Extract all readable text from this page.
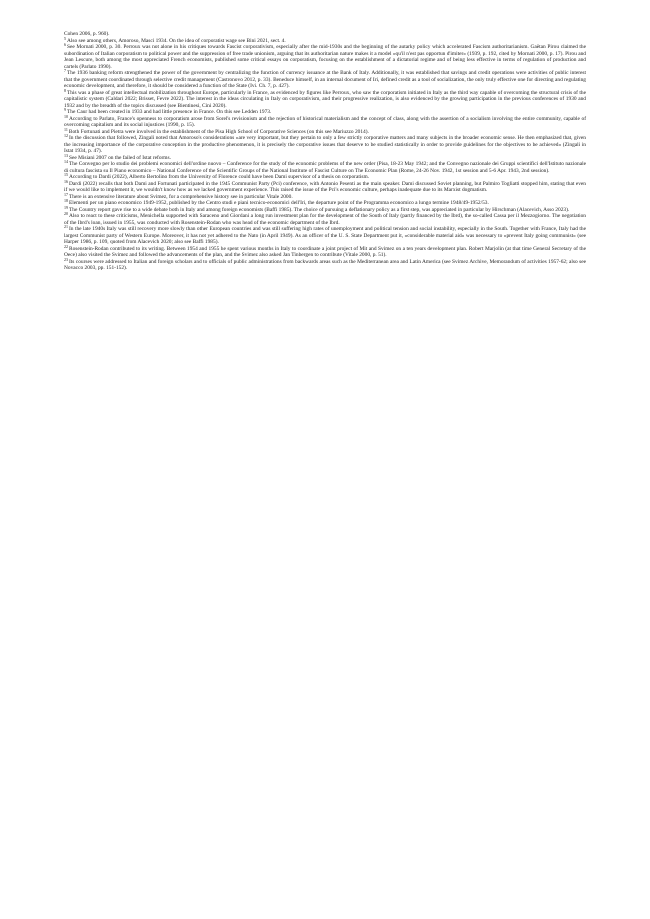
Cohen 2006, p. 960).

$^5$Also see among others, Amoroso, Masci 1934. On the idea of corporatist wage see Bini 2021, sect. 4.

$^6$See Mornati 2000, p. 30. Perroux was not alone in his critiques towards Fascist corporativism, especially after the mid-1930s and the beginning of the autarky policy which accelerated Fascism authoritarianism. Gaëtan Pirou claimed the subordination of Italian corporatism to political power and the suppression of free trade unionism, arguing that its authoritarian nature makes it a model «qu'il n'est pas opportun d'imiter» (1939, p. 192, cited by Mornati 2000, p. 17). Pirou and Jean Lescure, both among the most appreciated French economists, published some critical essays on corporatism, focusing on the establishment of a dictatorial regime and of being less effective in terms of regulation of production and cartels (Parlato 1990).

$^7$The 1936 banking reform strengthened the power of the government by centralizing the function of currency issuance at the Bank of Italy. Additionally, it was established that savings and credit operations were activities of public interest that the government coordinated through selective credit management (Castronovo 2012, p. 33). Beneduce himself, in an internal document of Iri, defined credit as a tool of socialization, the only truly effective one for directing and regulating economic development, and therefore, it should be considered a function of the State (Ivi. Ch. 7, p. 427).

$^8$This was a phase of great intellectual mobilization throughout Europe, particularly in France, as evidenced by figures like Perroux, who saw the corporatism initiated in Italy as the third way capable of overcoming the structural crisis of the capitalistic system (Caldari 2022; Brisset, Fevre 2022). The interest in the ideas circulating in Italy on corporativism, and their progressive realization, is also evidenced by the growing participation in the previous conferences of 1930 and 1932 and by the breadth of the topics discussed (see Bientinesi, Cini 2020).

$^9$The Caur had been created in 1933 and had little presence in France. On this see Ledden 1973.

$^{10}$According to Parlato, France's openness to corporatism arose from Sorel's revisionism and the rejection of historical materialism and the concept of class, along with the assertion of a socialism involving the entire community, capable of overcoming capitalism and its social injustices (1990, p. 15).

$^{11}$Both Fortunati and Pietra were involved in the establishment of the Pisa High School of Corporative Sciences (on this see Mariuzzo 2014).

$^{12}$In the discussion that followed, Zingali noted that Amoroso's considerations «are very important, but they pertain to only a few strictly corporative matters and many subjects in the broader economic sense. He then emphasized that, given the increasing importance of the corporative conception in the productive phenomenon, it is precisely the corporative issues that deserve to be studied statistically in order to provide guidelines for the objectives to be achieved» (Zingali in Istat 1934, p. 47).

$^{13}$See Misiani 2007 on the failed of Istat reforms.

$^{14}$The Convegno per lo studio dei problemi economici dell'ordine nuovo – Conference for the study of the economic problems of the new order (Pisa, 18-23 May 1942; and the Convegno nazionale dei Gruppi scientifici dell'Istituto nazionale di cultura fascista su Il Piano economico – National Conference of the Scientific Groups of the National Institute of Fascist Culture on The Economic Plan (Rome, 24-26 Nov. 1942, 1st session and 5-6 Apr. 1943, 2nd session).

$^{15}$According to Dardi (2022), Alberto Bertolino from the University of Florence could have been Dami supervisor of a thesis on corporatism.

$^{16}$Dardi (2022) recalls that both Dami and Fortunati participated in the 1945 Communist Party (Pci) conference, with Antonio Pesenti as the main speaker. Dami discussed Soviet planning, but Palmiro Togliatti stopped him, stating that even if we would like to implement it, we wouldn't know how as we lacked government experience. This raised the issue of the Pci's economic culture, perhaps inadequate due to its Marxist dogmatism.

$^{17}$There is an extensive literature about Svimez, for a comprehensive history see in particular Vitale 2000.

$^{18}$Elementi per un piano economico 1949-1952, published by the Centro studi e piani tecnico-economici dell'Iri, the departure point of the Programma economico a lungo termine 1948/49-1952/53.

$^{19}$The Country report gave rise to a wide debate both in Italy and among foreign economists (Baffi 1985). The choice of pursuing a deflationary policy as a first step, was appreciated in particular by Hirschman (Alacevich, Asso 2023).

$^{20}$Also to react to these criticisms, Menichella supported with Saraceno and Giordani a long run investment plan for the development of the South of Italy (partly financed by the Ibrd), the so-called Cassa per il Mezzogiorno. The negotiation of the Ibrd's loan, issued in 1955, was conducted with Rosenstein-Rodan who was head of the economic department of the Ibrd.

$^{21}$In the late 1940s Italy was still recovery more slowly than other European countries and was still suffering high rates of unemployment and political tension and social instability, especially in the South. Together with France, Italy had the largest Communist party of Western Europe. Moreover, it has not yet adhered to the Nato (in April 1949). As an officer of the U. S. State Department put it, «considerable material aid» was necessary to «prevent Italy going communist» (see Harper 1986, p. 109, quoted from Alacevich 2020; also see Baffi 1985).

$^{22}$Rosenstein-Rodan contributed to its writing. Between 1954 and 1955 he spent various months in Italy to coordinate a joint project of Mit and Svimez on a ten years development plan. Robert Marjolin (at that time General Secretary of the Oece) also visited the Svimez and followed the advancements of the plan, and the Svimez also asked Jan Tinbergen to contribute (Vitale 2000, p. 51).

$^{23}$Its courses were addressed to Italian and foreign scholars and to officials of public administrations from backwards areas such as the Mediterranean area and Latin America (see Svimez Archive, Memorandum of activities 1957-62; also see Novacco 2003, pp. 151-152).
